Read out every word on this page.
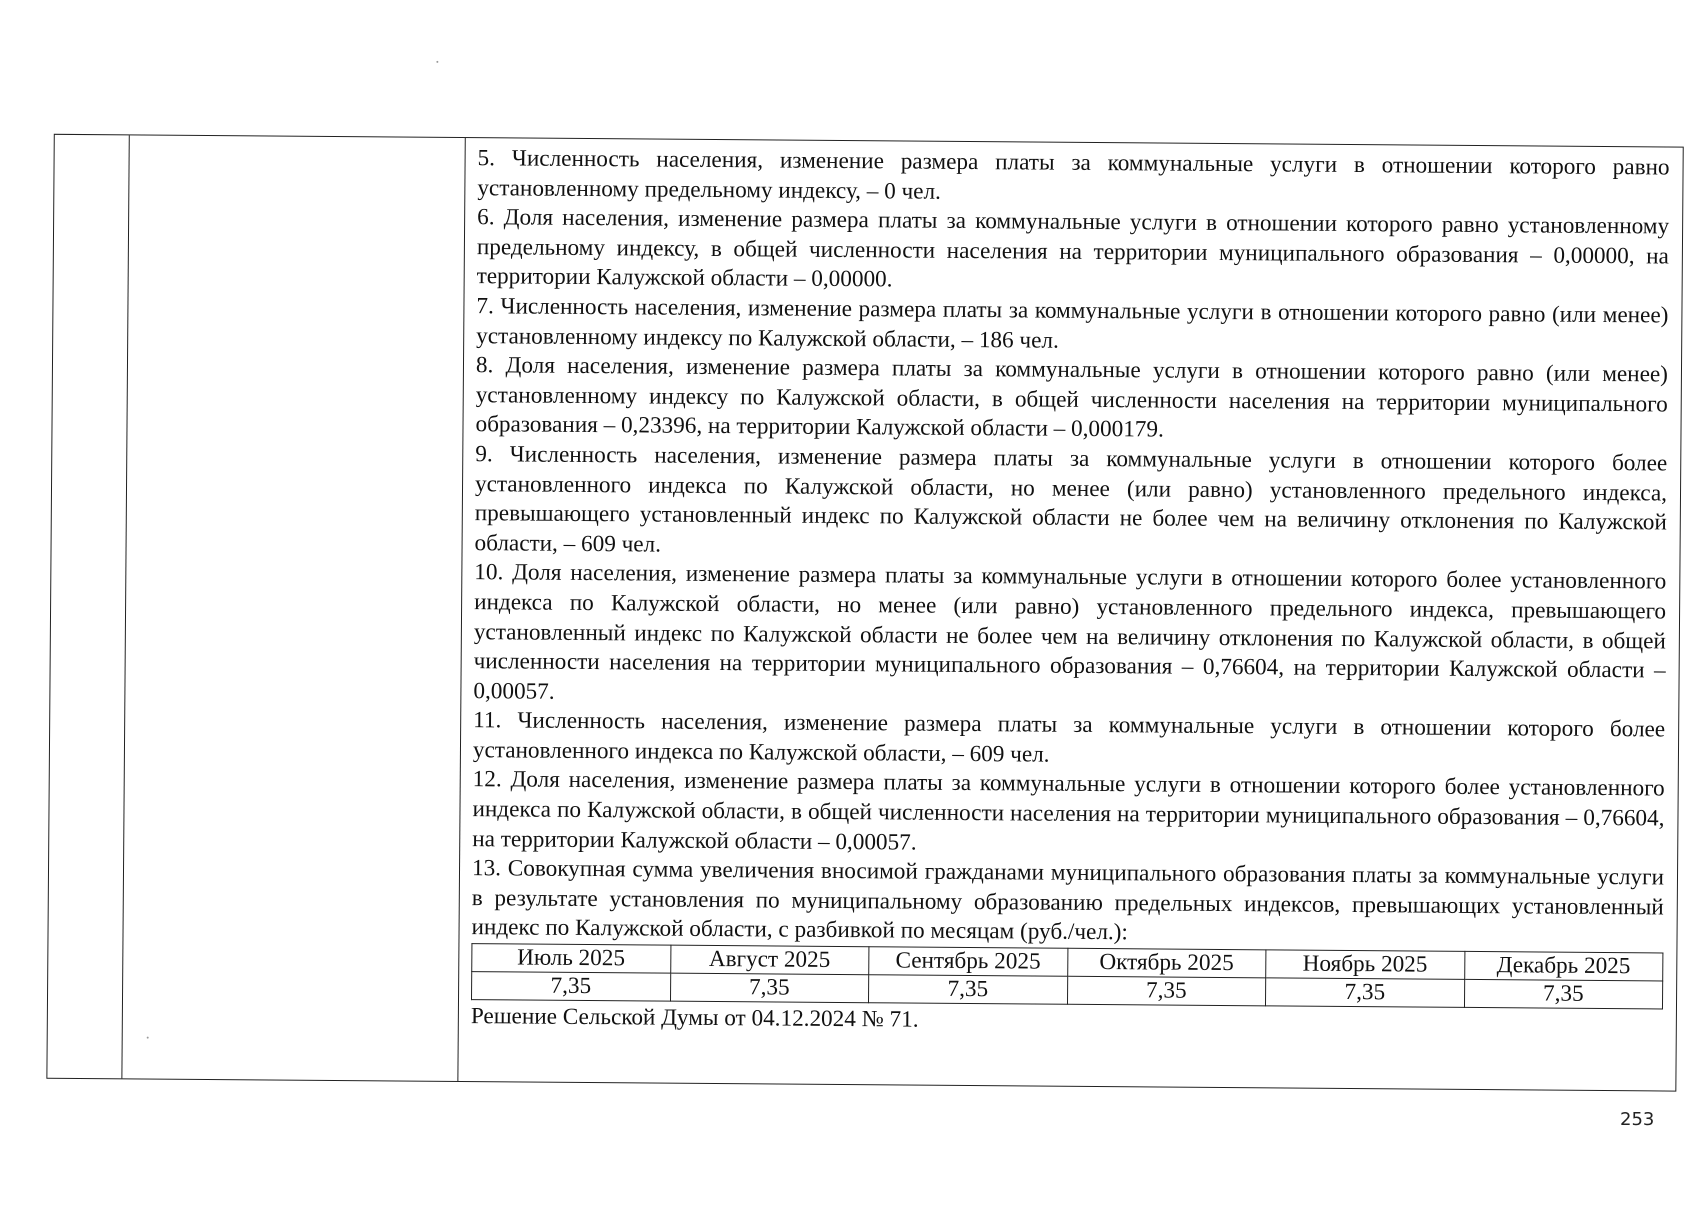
5. Численность населения, изменение размера платы за коммунальные услуги в отношении которого равно установленному предельному индексу, – 0 чел.

6. Доля населения, изменение размера платы за коммунальные услуги в отношении которого равно установленному предельному индексу, в общей численности населения на территории муниципального образования – 0,00000, на территории Калужской области – 0,00000.

7. Численность населения, изменение размера платы за коммунальные услуги в отношении которого равно (или менее) установленному индексу по Калужской области, – 186 чел.

8. Доля населения, изменение размера платы за коммунальные услуги в отношении которого равно (или менее) установленному индексу по Калужской области, в общей численности населения на территории муниципального образования – 0,23396, на территории Калужской области – 0,000179.

9. Численность населения, изменение размера платы за коммунальные услуги в отношении которого более установленного индекса по Калужской области, но менее (или равно) установленного предельного индекса, превышающего установленный индекс по Калужской области не более чем на величину отклонения по Калужской области, – 609 чел.

10. Доля населения, изменение размера платы за коммунальные услуги в отношении которого более установленного индекса по Калужской области, но менее (или равно) установленного предельного индекса, превышающего установленный индекс по Калужской области не более чем на величину отклонения по Калужской области, в общей численности населения на территории муниципального образования – 0,76604, на территории Калужской области – 0,00057.

11. Численность населения, изменение размера платы за коммунальные услуги в отношении которого более установленного индекса по Калужской области, – 609 чел.

12. Доля населения, изменение размера платы за коммунальные услуги в отношении которого более установленного индекса по Калужской области, в общей численности населения на территории муниципального образования – 0,76604, на территории Калужской области – 0,00057.

13. Совокупная сумма увеличения вносимой гражданами муниципального образования платы за коммунальные услуги в результате установления по муниципальному образованию предельных индексов, превышающих установленный индекс по Калужской области, с разбивкой по месяцам (руб./чел.):

Июль 2025	Август 2025	Сентябрь 2025	Октябрь 2025	Ноябрь 2025	Декабрь 2025
7,35	7,35	7,35	7,35	7,35	7,35
Решение Сельской Думы от 04.12.2024 № 71.
253
